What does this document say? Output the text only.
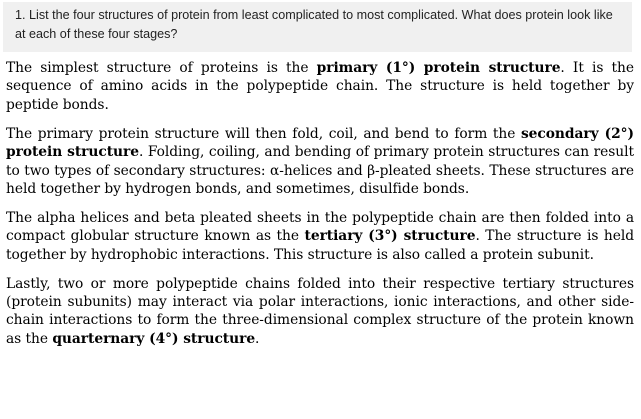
1. List the four structures of protein from least complicated to most complicated. What does protein look like at each of these four stages?

The simplest structure of proteins is the primary (1°) protein structure. It is the sequence of amino acids in the polypeptide chain. The structure is held together by peptide bonds.

The primary protein structure will then fold, coil, and bend to form the secondary (2°) protein structure. Folding, coiling, and bending of primary protein structures can result to two types of secondary structures: α-helices and β-pleated sheets. These structures are held together by hydrogen bonds, and sometimes, disulfide bonds.

The alpha helices and beta pleated sheets in the polypeptide chain are then folded into a compact globular structure known as the tertiary (3°) structure. The structure is held together by hydrophobic interactions. This structure is also called a protein subunit.

Lastly, two or more polypeptide chains folded into their respective tertiary structures (protein subunits) may interact via polar interactions, ionic interactions, and other side-chain interactions to form the three-dimensional complex structure of the protein known as the quarternary (4°) structure.
